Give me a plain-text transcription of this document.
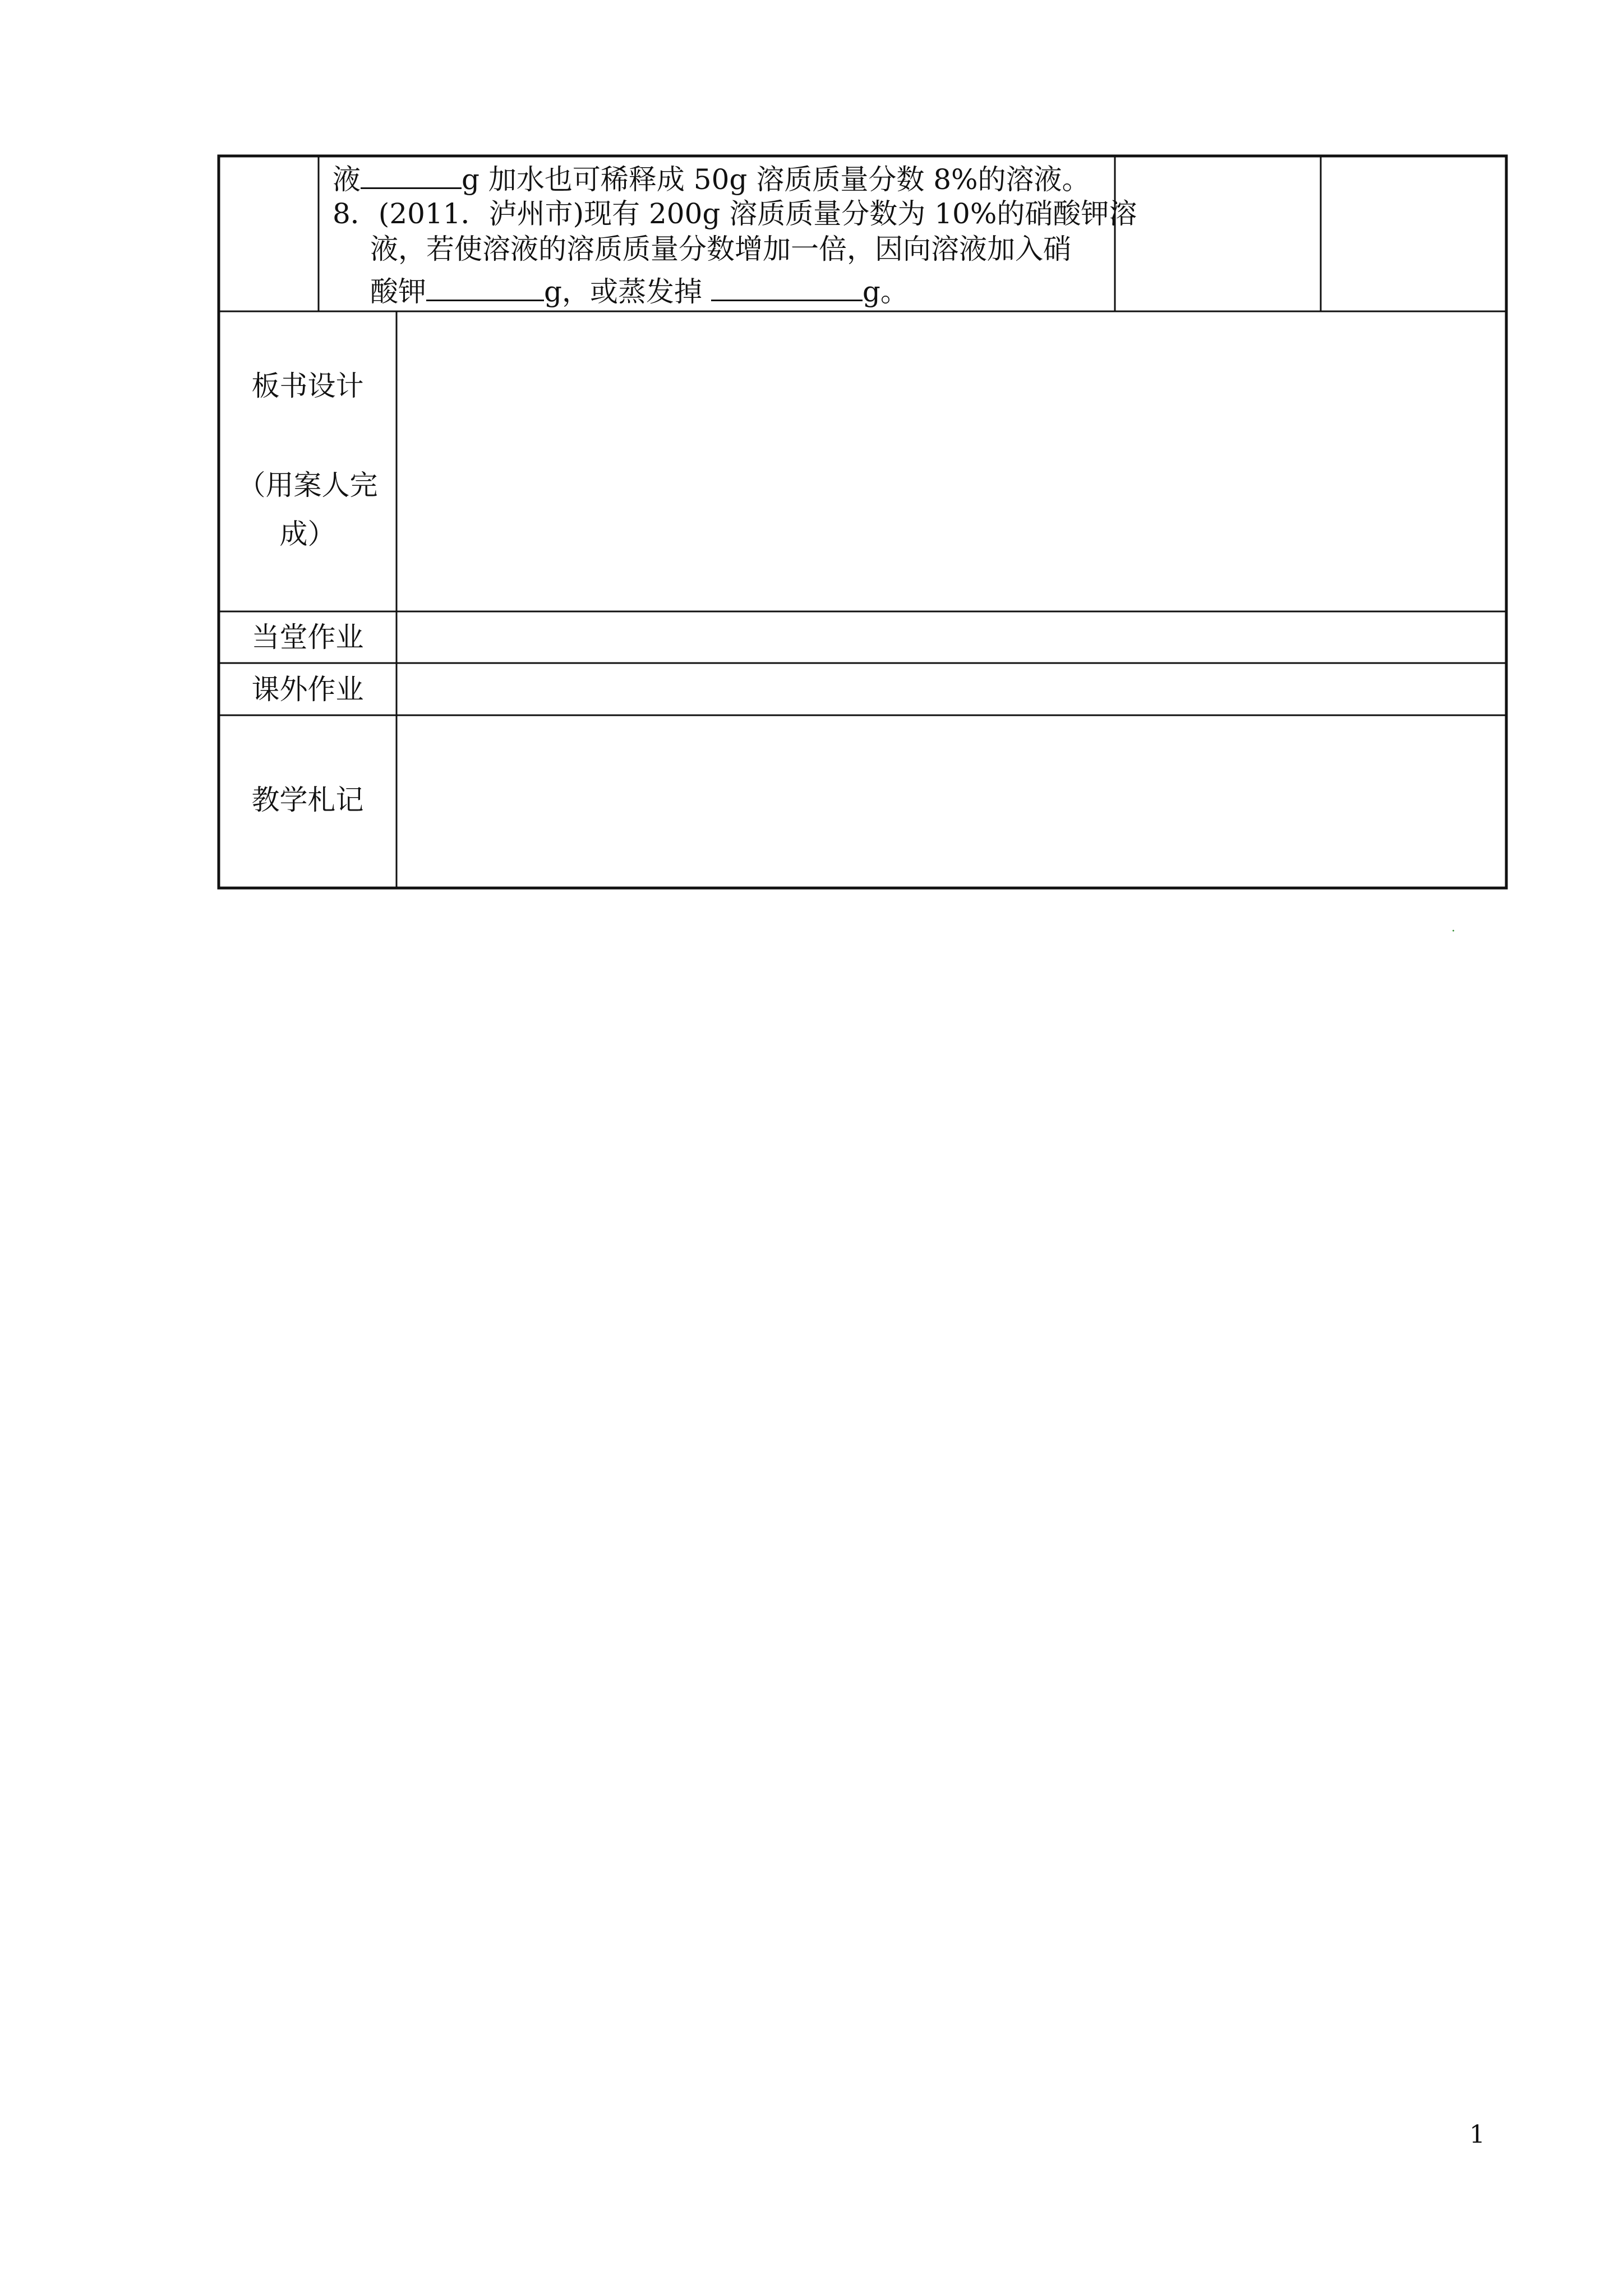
液	g 加水也可稀释成 50g 溶质质量分数 8%的溶液。
8．(2011．泸州市)现有 200g 溶质质量分数为 10%的硝酸钾溶
液，若使溶液的溶质质量分数增加一倍，因向溶液加入硝
酸钾	g，或蒸发掉	g。
板书设计
（用案人完
成）
当堂作业
课外作业
教学札记
·
1
